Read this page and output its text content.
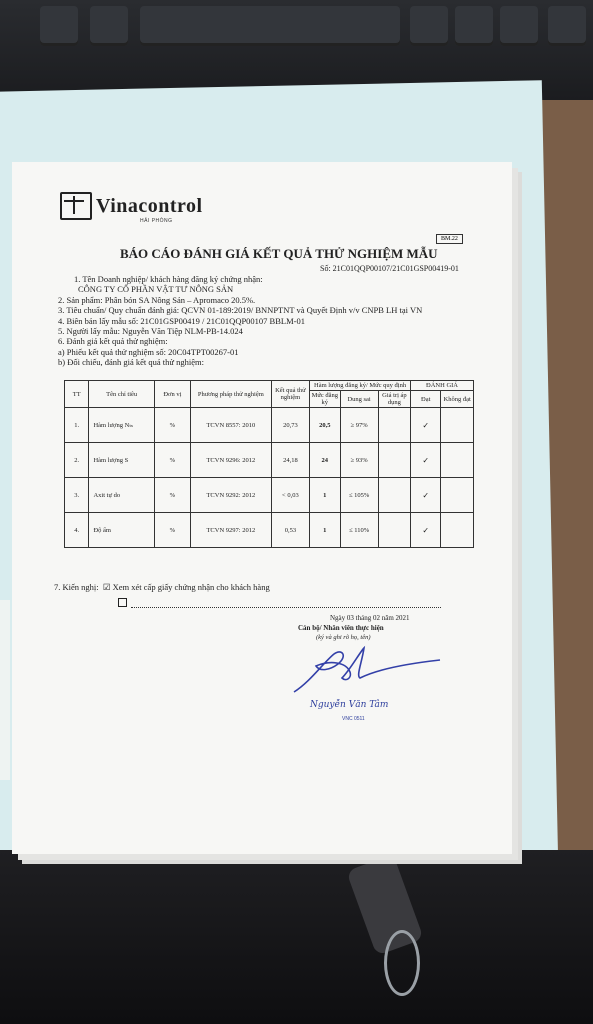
Vinacontrol
HẢI PHÒNG
BM.22
BÁO CÁO ĐÁNH GIÁ KẾT QUẢ THỬ NGHIỆM MẪU
Số: 21C01QQP00107/21C01GSP00419-01
1. Tên Doanh nghiệp/ khách hàng đăng ký chứng nhận:
CÔNG TY CỔ PHẦN VẬT TƯ NÔNG SẢN
2. Sản phẩm: Phân bón SA Nông Sản – Apromaco 20.5%.
3. Tiêu chuẩn/ Quy chuẩn đánh giá: QCVN 01-189:2019/ BNNPTNT và Quyết Định v/v CNPB LH tại VN
4. Biên bản lấy mẫu số: 21C01GSP00419 / 21C01QQP00107 BBLM-01
5. Người lấy mẫu: Nguyễn Văn Tiệp NLM-PB-14.024
6. Đánh giá kết quả thử nghiệm:
a) Phiếu kết quả thử nghiệm số: 20C04TPT00267-01
b) Đối chiếu, đánh giá kết quả thử nghiệm:
TT	Tên chỉ tiêu	Đơn vị	Phương pháp thử nghiệm	Kết quả thử nghiệm	Hàm lượng đăng ký/ Mức quy định			ĐÁNH GIÁ	
					Mức đăng ký	Dung sai	Giá trị áp dụng	Đạt	Không đạt
1.	Hàm lượng Nₜₛ	%	TCVN 8557: 2010	20,73	20,5	≥ 97%		✓	
2.	Hàm lượng S	%	TCVN 9296: 2012	24,18	24	≥ 93%		✓	
3.	Axit tự do	%	TCVN 9292: 2012	< 0,03	1	≤ 105%		✓	
4.	Độ ẩm	%	TCVN 9297: 2012	0,53	1	≤ 110%		✓	
7. Kiến nghị: ☑ Xem xét cấp giấy chứng nhận cho khách hàng
Ngày 03 tháng 02 năm 2021
Cán bộ/ Nhân viên thực hiện
(ký và ghi rõ họ, tên)
Nguyễn Văn Tâm
VNC 0511
